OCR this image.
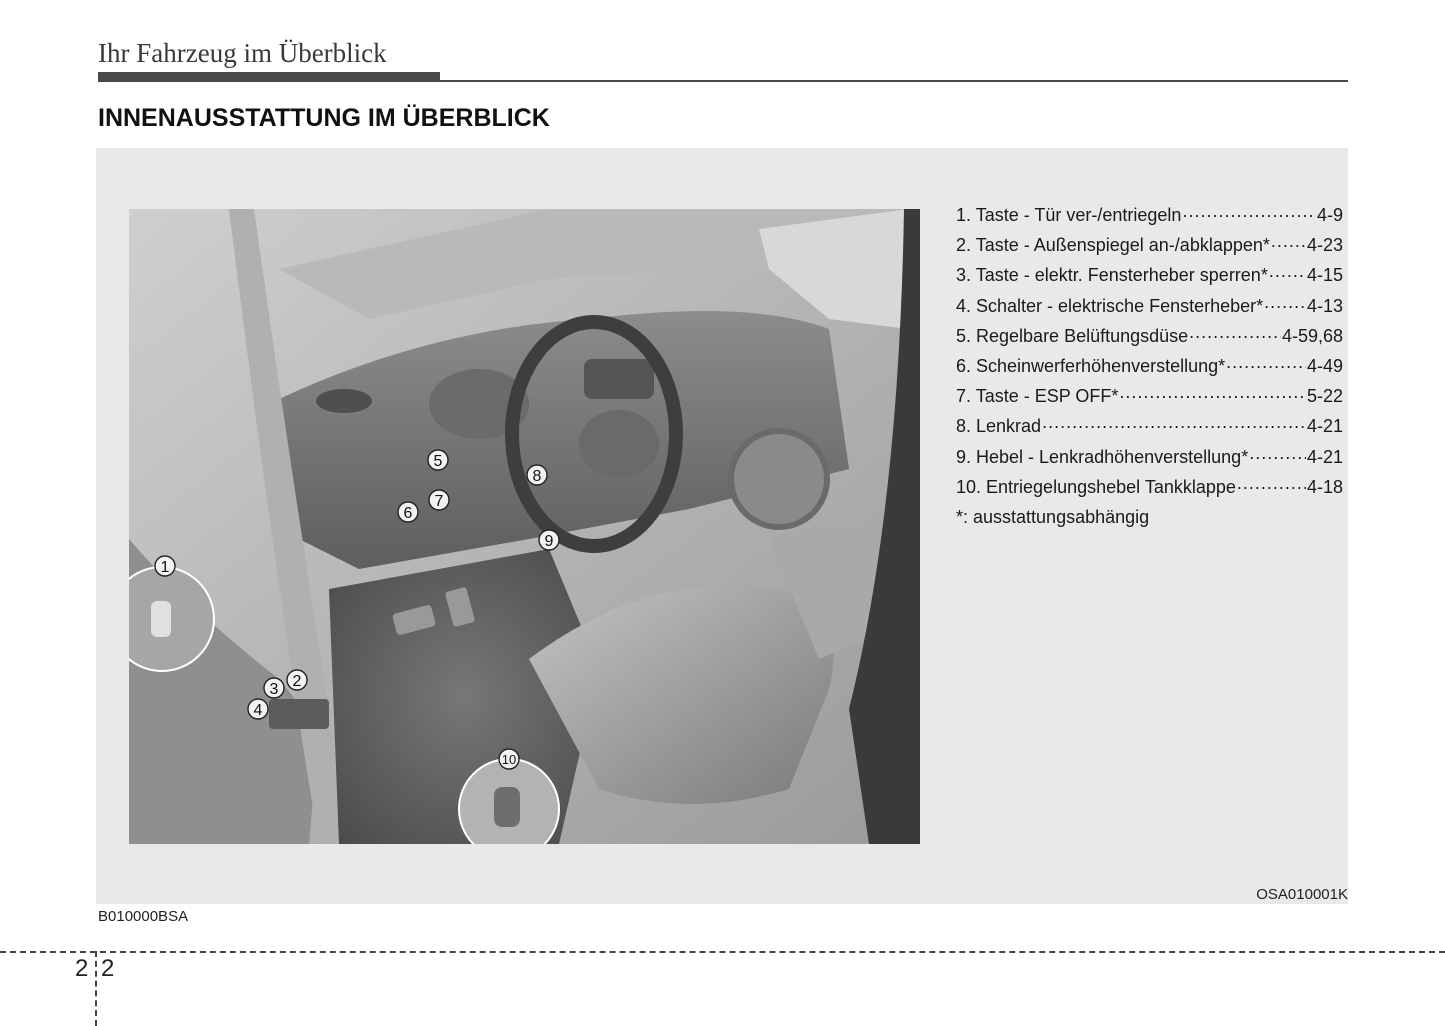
Ihr Fahrzeug im Überblick
INNENAUSSTATTUNG IM ÜBERBLICK
1
2
3
4
5
6
7
8
9
10
1. Taste - Tür ver-/entriegeln .....	4-9
2. Taste - Außenspiegel an-/abklappen* ..... 4-23
3. Taste - elektr. Fensterheber sperren* ..... 4-15
4. Schalter - elektrische Fensterheber* ..... 4-13
5. Regelbare Belüftungsdüse .....	4-59,68
6. Scheinwerferhöhenverstellung* .....	4-49
7. Taste - ESP OFF* .....	5-22
8. Lenkrad .....	4-21
9. Hebel - Lenkradhöhenverstellung* .....	4-21
10. Entriegelungshebel Tankklappe .....	4-18
*: ausstattungsabhängig
OSA010001K
B010000BSA
2 2
